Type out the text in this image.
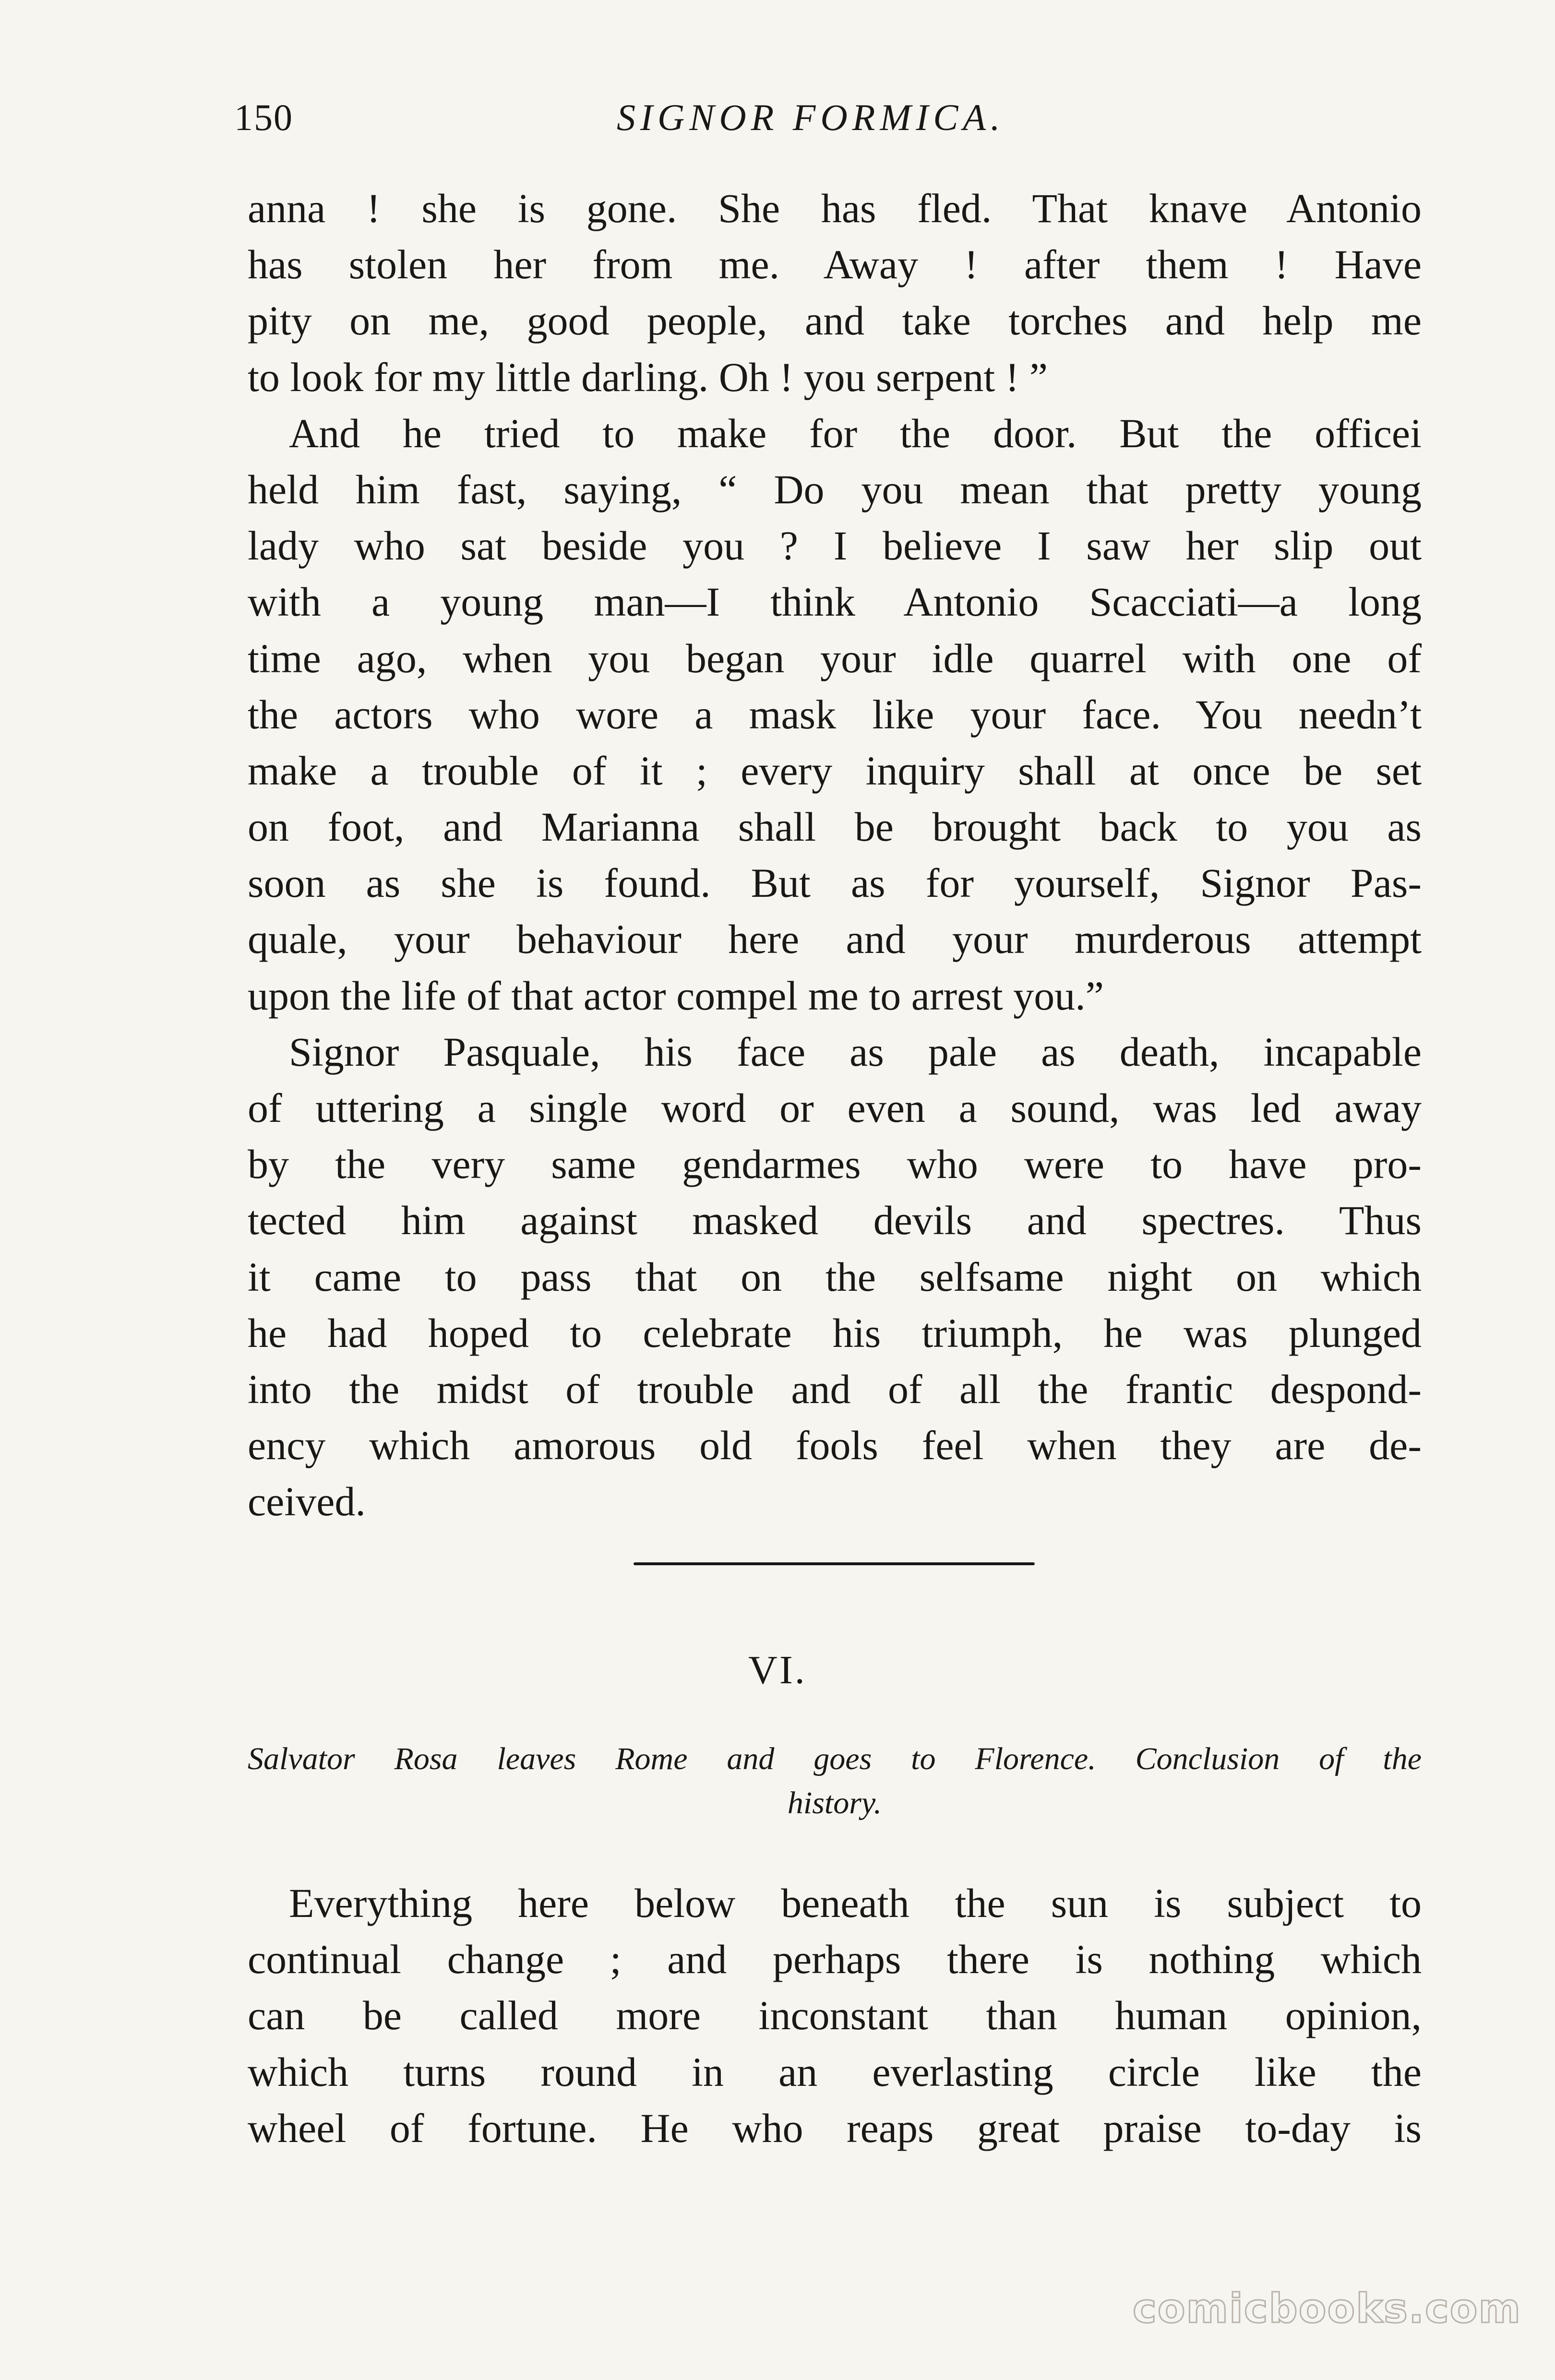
150	SIGNOR FORMICA.
anna ! she is gone. She has fled. That knave Antonio
has stolen her from me. Away ! after them ! Have
pity on me, good people, and take torches and help me
to look for my little darling. Oh ! you serpent ! ”
 And he tried to make for the door. But the officei
held him fast, saying, “ Do you mean that pretty young
lady who sat beside you ? I believe I saw her slip out
with a young man—I think Antonio Scacciati—a long
time ago, when you began your idle quarrel with one of
the actors who wore a mask like your face. You needn’t
make a trouble of it ; every inquiry shall at once be set
on foot, and Marianna shall be brought back to you as
soon as she is found. But as for yourself, Signor Pas-
quale, your behaviour here and your murderous attempt
upon the life of that actor compel me to arrest you.”
 Signor Pasquale, his face as pale as death, incapable
of uttering a single word or even a sound, was led away
by the very same gendarmes who were to have pro-
tected him against masked devils and spectres. Thus
it came to pass that on the selfsame night on which
he had hoped to celebrate his triumph, he was plunged
into the midst of trouble and of all the frantic despond-
ency which amorous old fools feel when they are de-
ceived.
VI.
Salvator Rosa leaves Rome and goes to Florence. Conclusion of the
history.
 Everything here below beneath the sun is subject to
continual change ; and perhaps there is nothing which
can be called more inconstant than human opinion,
which turns round in an everlasting circle like the
wheel of fortune. He who reaps great praise to-day is
comicbooks.com
